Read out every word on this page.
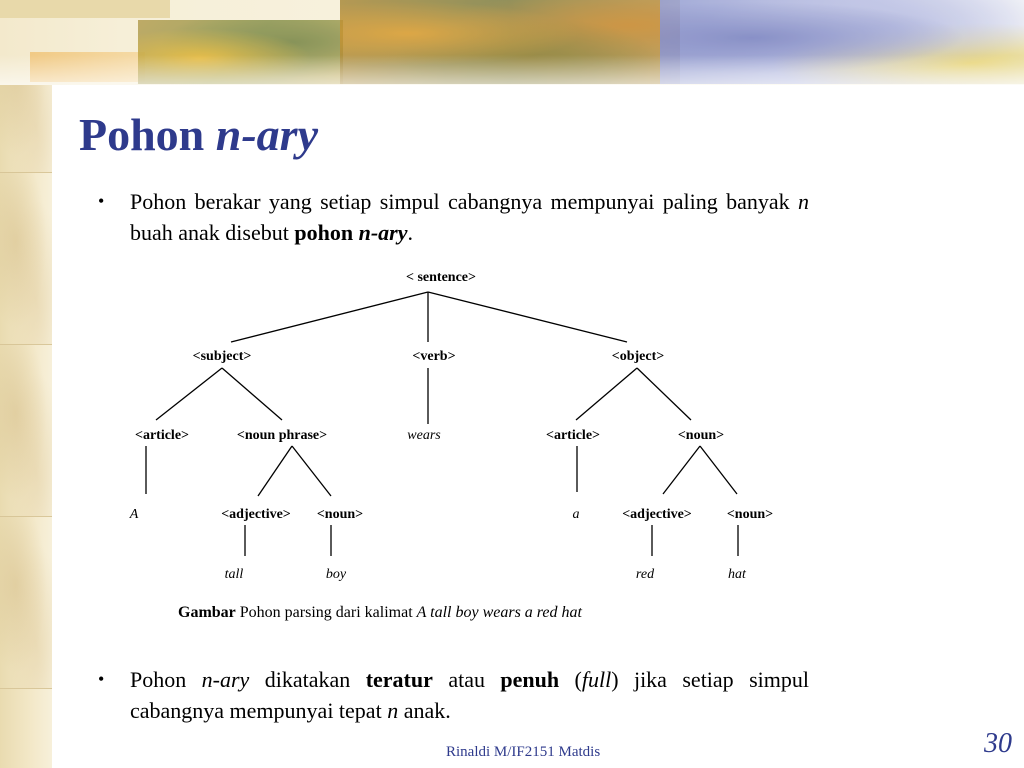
Pohon n-ary

• Pohon berakar yang setiap simpul cabangnya mempunyai paling banyak n buah anak disebut pohon n-ary.

< sentence>
<subject>	<verb>	<object>
<article>	<noun phrase>	wears	<article>	<noun>
A	<adjective> <noun>	a	<adjective>	<noun>
tall	boy	red	hat

Gambar Pohon parsing dari kalimat A tall boy wears a red hat

• Pohon n-ary dikatakan teratur atau penuh (full) jika setiap simpul cabangnya mempunyai tepat n anak.

Rinaldi M/IF2151 Matdis	30
